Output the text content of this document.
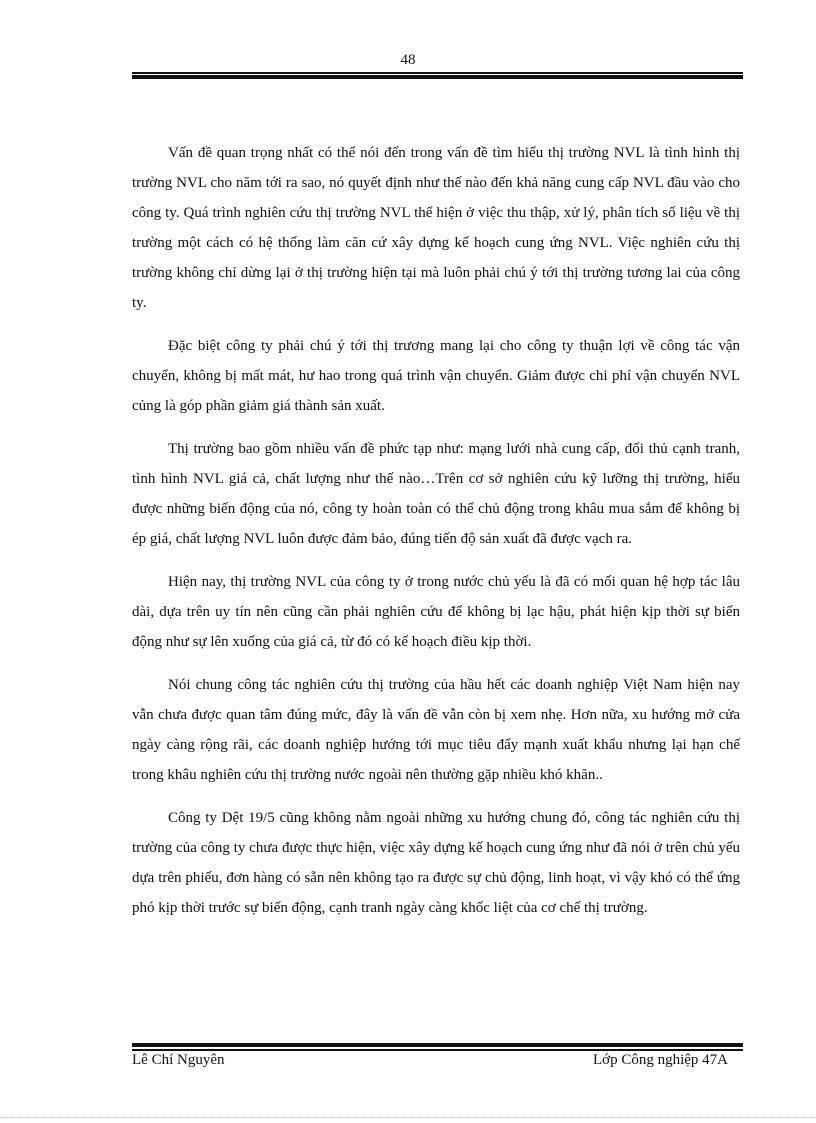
48

Vấn đề quan trọng nhất có thể nói đến trong vấn đề tìm hiểu thị trường NVL là tình hình thị trường NVL cho năm tới ra sao, nó quyết định như thế nào đến khả năng cung cấp NVL đầu vào cho công ty. Quá trình nghiên cứu thị trường NVL thể hiện ở việc thu thập, xử lý, phân tích số liệu về thị trường một cách có hệ thống làm căn cứ xây dựng kế hoạch cung ứng NVL. Việc nghiên cứu thị trường không chỉ dừng lại ở thị trường hiện tại mà luôn phải chú ý tới thị trường tương lai của công ty.

Đặc biệt công ty phải chú ý tới thị trương mang lại cho công ty thuận lợi về công tác vận chuyển, không bị mất mát, hư hao trong quá trình vận chuyển. Giảm được chi phí vận chuyển NVL củng là góp phần giảm giá thành sản xuất.

Thị trường bao gồm nhiều vấn đề phức tạp như: mạng lưới nhà cung cấp, đối thủ cạnh tranh, tình hình NVL giá cả, chất lượng như thế nào…Trên cơ sở nghiên cứu kỹ lưỡng thị trường, hiểu được những biến động của nó, công ty hoàn toàn có thể chủ động trong khâu mua sắm để không bị ép giá, chất lượng NVL luôn được đảm bảo, đúng tiến độ sản xuất đã được vạch ra.

Hiện nay, thị trường NVL của công ty ở trong nước chủ yếu là đã có mối quan hệ hợp tác lâu dài, dựa trên uy tín nên cũng cần phải nghiên cứu để không bị lạc hậu, phát hiện kịp thời sự biến động như sự lên xuống của giá cả, từ đó có kế hoạch điều kịp thời.

Nói chung công tác nghiên cứu thị trường của hầu hết các doanh nghiệp Việt Nam hiện nay vẫn chưa được quan tâm đúng mức, đây là vấn đề vẫn còn bị xem nhẹ. Hơn nữa, xu hướng mở cửa ngày càng rộng rãi, các doanh nghiệp hướng tới mục tiêu đẩy mạnh xuất khẩu nhưng lại hạn chế trong khâu nghiên cứu thị trường nước ngoài nên thường gặp nhiều khó khăn..

Công ty Dệt 19/5 cũng không nằm ngoài những xu hướng chung đó, công tác nghiên cứu thị trường của công ty chưa được thực hiện, việc xây dựng kế hoạch cung ứng như đã nói ở trên chủ yếu dựa trên phiếu, đơn hàng có sẵn nên không tạo ra được sự chủ động, linh hoạt, vì vậy khó có thể ứng phó kịp thời trước sự biến động, cạnh tranh ngày càng khốc liệt của cơ chế thị trường.

Lê Chí Nguyên	Lớp Công nghiệp 47A
